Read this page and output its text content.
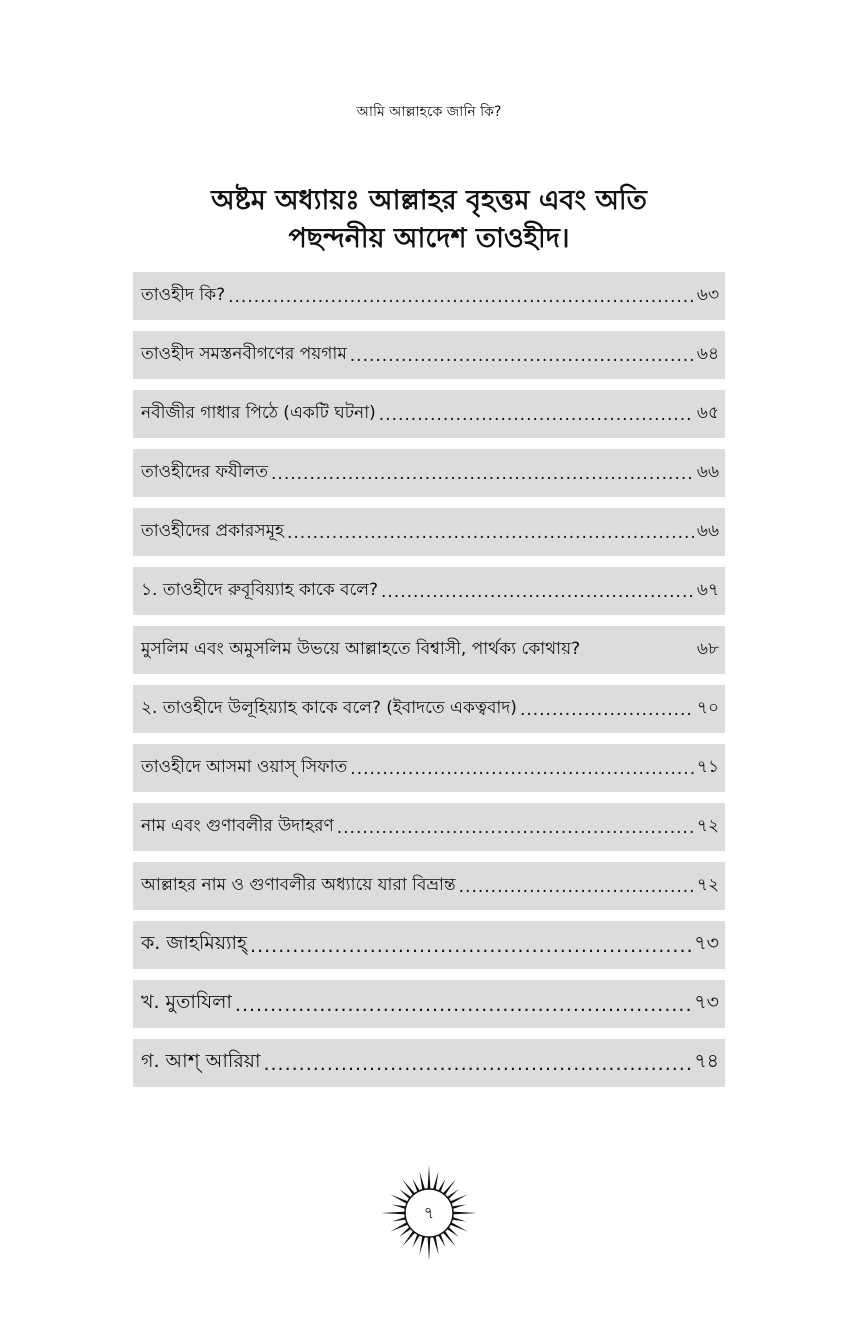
আমি আল্লাহকে জানি কি?
অষ্টম অধ্যায়ঃ আল্লাহর বৃহত্তম এবং অতি
পছন্দনীয় আদেশ তাওহীদ।
তাওহীদ কি? .....	৬৩
তাওহীদ সমস্তনবীগণের পয়গাম .....	৬৪
নবীজীর গাধার পিঠে (একটি ঘটনা) .....	৬৫
তাওহীদের ফযীলত .....	৬৬
তাওহীদের প্রকারসমূহ .....	৬৬
১. তাওহীদে রুবূবিয়্যাহ কাকে বলে? .....	৬৭
মুসলিম এবং অমুসলিম উভয়ে আল্লাহতে বিশ্বাসী, পার্থক্য কোথায়?	৬৮
২. তাওহীদে উলূহিয়্যাহ কাকে বলে? (ইবাদতে একত্ববাদ) .....	৭০
তাওহীদে আসমা ওয়াস্ সিফাত .....	৭১
নাম এবং গুণাবলীর উদাহরণ .....	৭২
আল্লাহর নাম ও গুণাবলীর অধ্যায়ে যারা বিভ্রান্ত .....	৭২
ক. জাহমিয়্যাহ্ .....	৭৩
খ. মুতাযিলা .....	৭৩
গ. আশ্ আরিয়া .....	৭৪
৭
